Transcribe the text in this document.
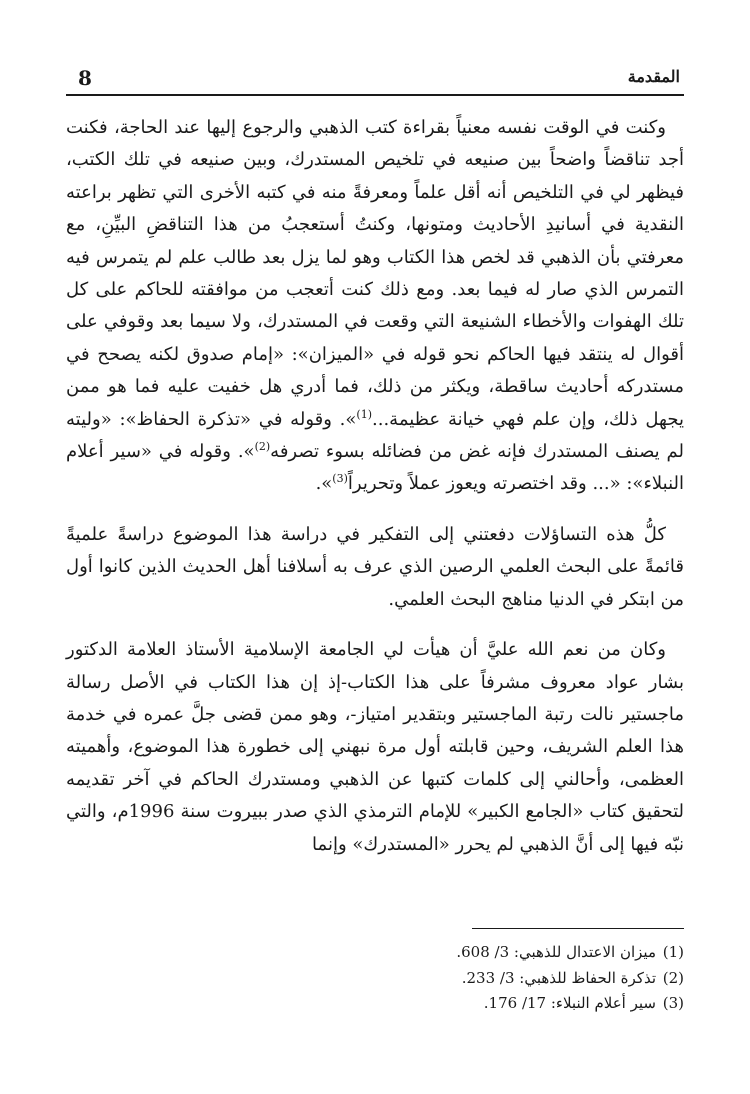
8	المقدمة

وكنت في الوقت نفسه معنياً بقراءة كتب الذهبي والرجوع إليها عند الحاجة، فكنت أجد تناقضاً واضحاً بين صنيعه في تلخيص المستدرك، وبين صنيعه في تلك الكتب، فيظهر لي في التلخيص أنه أقل علماً ومعرفةً منه في كتبه الأخرى التي تظهر براعته النقدية في أسانيدِ الأحاديث ومتونها، وكنتُ أستعجبُ من هذا التناقضِ البيِّنِ، مع معرفتي بأن الذهبي قد لخص هذا الكتاب وهو لما يزل بعد طالب علم لم يتمرس فيه التمرس الذي صار له فيما بعد. ومع ذلك كنت أتعجب من موافقته للحاكم على كل تلك الهفوات والأخطاء الشنيعة التي وقعت في المستدرك، ولا سيما بعد وقوفي على أقوال له ينتقد فيها الحاكم نحو قوله في «الميزان»: «إمام صدوق لكنه يصحح في مستدركه أحاديث ساقطة، ويكثر من ذلك، فما أدري هل خفيت عليه فما هو ممن يجهل ذلك، وإن علم فهي خيانة عظيمة...$^{(1)}$». وقوله في «تذكرة الحفاظ»: «وليته لم يصنف المستدرك فإنه غض من فضائله بسوء تصرفه$^{(2)}$». وقوله في «سير أعلام النبلاء»: «... وقد اختصرته ويعوز عملاً وتحريراً$^{(3)}$».

كلُّ هذه التساؤلات دفعتني إلى التفكير في دراسة هذا الموضوع دراسةً علميةً قائمةً على البحث العلمي الرصين الذي عرف به أسلافنا أهل الحديث الذين كانوا أول من ابتكر في الدنيا مناهج البحث العلمي.

وكان من نعم الله عليَّ أن هيأت لي الجامعة الإسلامية الأستاذ العلامة الدكتور بشار عواد معروف مشرفاً على هذا الكتاب-إذ إن هذا الكتاب في الأصل رسالة ماجستير نالت رتبة الماجستير وبتقدير امتياز-، وهو ممن قضى جلَّ عمره في خدمة هذا العلم الشريف، وحين قابلته أول مرة نبهني إلى خطورة هذا الموضوع، وأهميته العظمى، وأحالني إلى كلمات كتبها عن الذهبي ومستدرك الحاكم في آخر تقديمه لتحقيق كتاب «الجامع الكبير» للإمام الترمذي الذي صدر ببيروت سنة 1996م، والتي نبّه فيها إلى أنَّ الذهبي لم يحرر «المستدرك» وإنما

(1)ميزان الاعتدال للذهبي: 3/ 608.
(2)تذكرة الحفاظ للذهبي: 3/ 233.
(3)سير أعلام النبلاء: 17/ 176.
